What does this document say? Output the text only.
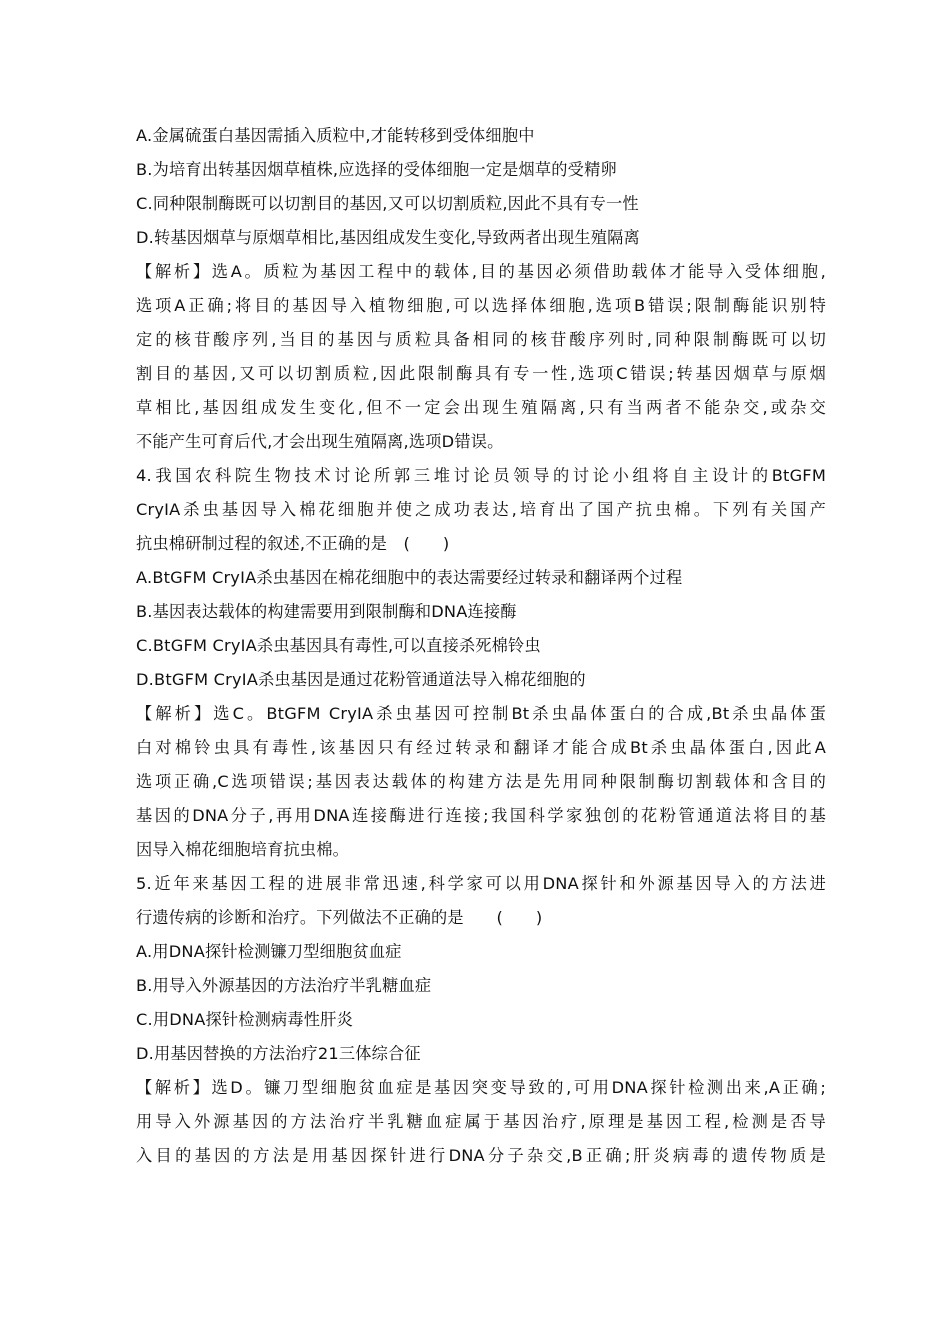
A.金属硫蛋白基因需插入质粒中,才能转移到受体细胞中
B.为培育出转基因烟草植株,应选择的受体细胞一定是烟草的受精卵
C.同种限制酶既可以切割目的基因,又可以切割质粒,因此不具有专一性
D.转基因烟草与原烟草相比,基因组成发生变化,导致两者出现生殖隔离
【解析】选A。质粒为基因工程中的载体,目的基因必须借助载体才能导入受体细胞,
选项A正确;将目的基因导入植物细胞,可以选择体细胞,选项B错误;限制酶能识别特
定的核苷酸序列,当目的基因与质粒具备相同的核苷酸序列时,同种限制酶既可以切
割目的基因,又可以切割质粒,因此限制酶具有专一性,选项C错误;转基因烟草与原烟
草相比,基因组成发生变化,但不一定会出现生殖隔离,只有当两者不能杂交,或杂交
不能产生可育后代,才会出现生殖隔离,选项D错误。
4.我国农科院生物技术讨论所郭三堆讨论员领导的讨论小组将自主设计的BtGFM
CryIA杀虫基因导入棉花细胞并使之成功表达,培育出了国产抗虫棉。下列有关国产
抗虫棉研制过程的叙述,不正确的是　(　　)
A.BtGFM CryIA杀虫基因在棉花细胞中的表达需要经过转录和翻译两个过程
B.基因表达载体的构建需要用到限制酶和DNA连接酶
C.BtGFM CryIA杀虫基因具有毒性,可以直接杀死棉铃虫
D.BtGFM CryIA杀虫基因是通过花粉管通道法导入棉花细胞的
【解析】选C。BtGFM CryIA杀虫基因可控制Bt杀虫晶体蛋白的合成,Bt杀虫晶体蛋
白对棉铃虫具有毒性,该基因只有经过转录和翻译才能合成Bt杀虫晶体蛋白,因此A
选项正确,C选项错误;基因表达载体的构建方法是先用同种限制酶切割载体和含目的
基因的DNA分子,再用DNA连接酶进行连接;我国科学家独创的花粉管通道法将目的基
因导入棉花细胞培育抗虫棉。
5.近年来基因工程的进展非常迅速,科学家可以用DNA探针和外源基因导入的方法进
行遗传病的诊断和治疗。下列做法不正确的是　　(　　)
A.用DNA探针检测镰刀型细胞贫血症
B.用导入外源基因的方法治疗半乳糖血症
C.用DNA探针检测病毒性肝炎
D.用基因替换的方法治疗21三体综合征
【解析】选D。镰刀型细胞贫血症是基因突变导致的,可用DNA探针检测出来,A正确;
用导入外源基因的方法治疗半乳糖血症属于基因治疗,原理是基因工程,检测是否导
入目的基因的方法是用基因探针进行DNA分子杂交,B正确;肝炎病毒的遗传物质是
